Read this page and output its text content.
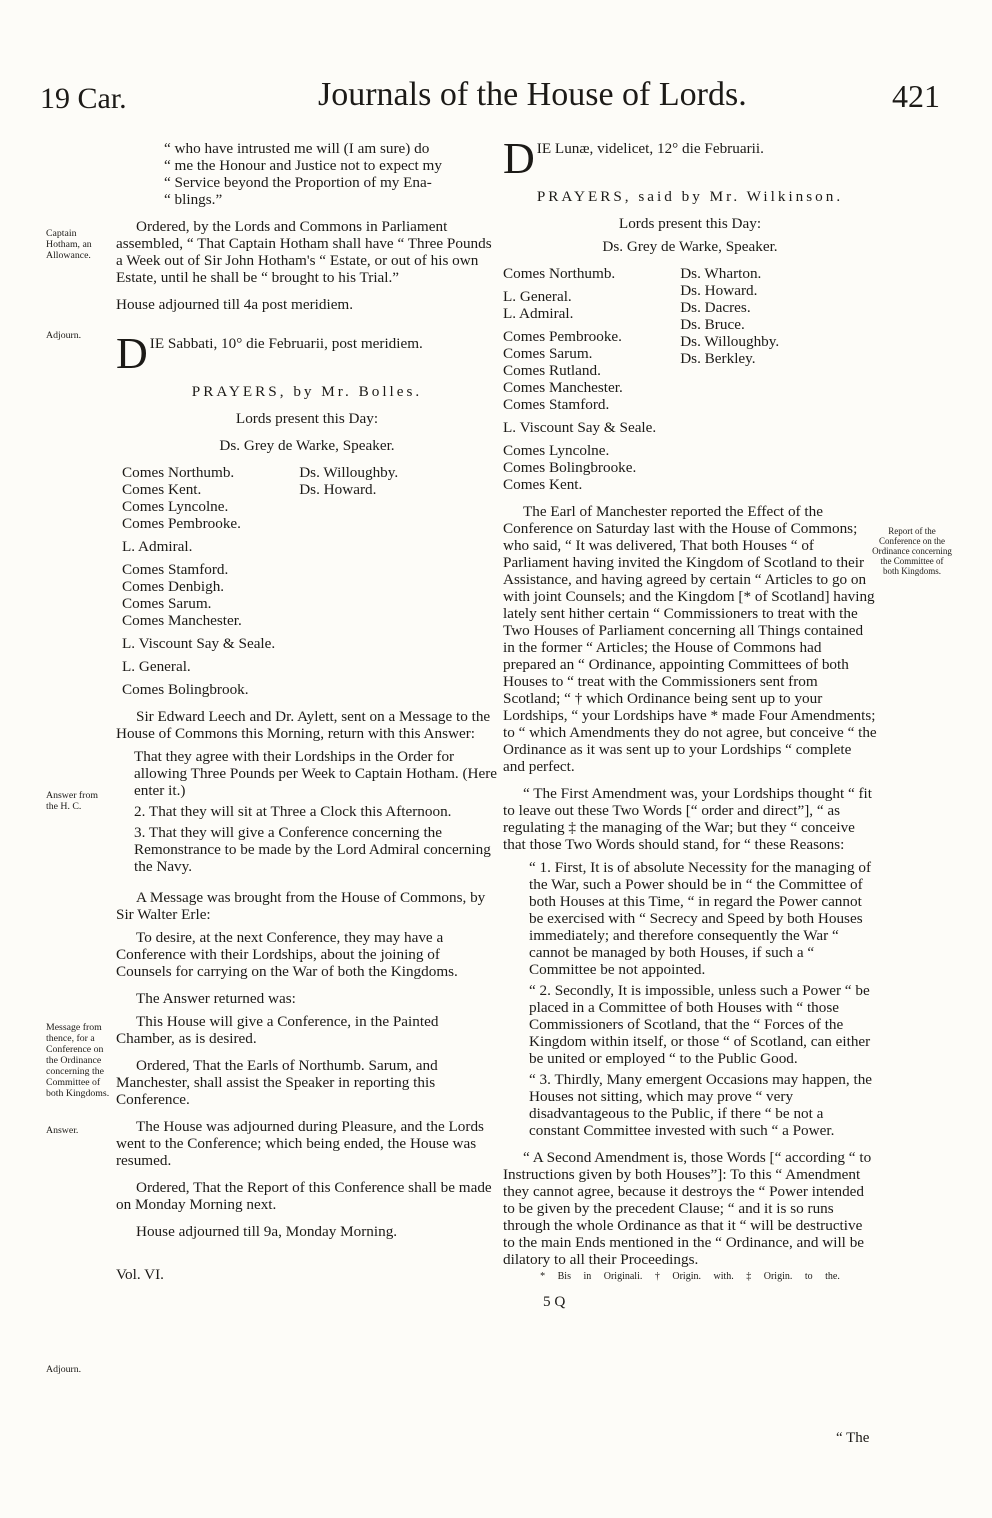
19 Car.	Journals of the House of Lords.	421
Captain Hotham, an Allowance.
Adjourn.
Answer from the H. C.
Message from thence, for a Conference on the Ordinance concerning the Committee of both Kingdoms.
Answer.
Adjourn.
Report of the Conference on the Ordinance concerning the Committee of both Kingdoms.

“ who have intrusted me will (I am sure) do

“ me the Honour and Justice not to expect my

“ Service beyond the Proportion of my Ena-

“ blings.”

Ordered, by the Lords and Commons in Parliament assembled, “ That Captain Hotham shall have “ Three Pounds a Week out of Sir John Hotham's “ Estate, or out of his own Estate, until he shall be “ brought to his Trial.”

House adjourned till 4a post meridiem.

DIE Sabbati, 10° die Februarii, post meridiem.

PRAYERS, by Mr. Bolles.

Lords present this Day:

Ds. Grey de Warke, Speaker.

Comes Northumb.
Comes Kent.
Comes Lyncolne.
Comes Pembrooke.
L. Admiral.
Comes Stamford.
Comes Denbigh.
Comes Sarum.
Comes Manchester.
L. Viscount Say & Seale.
L. General.
Comes Bolingbrook.
Ds. Willoughby.
Ds. Howard.

Sir Edward Leech and Dr. Aylett, sent on a Message to the House of Commons this Morning, return with this Answer:

That they agree with their Lordships in the Order for allowing Three Pounds per Week to Captain Hotham. (Here enter it.)

2. That they will sit at Three a Clock this Afternoon.

3. That they will give a Conference concerning the Remonstrance to be made by the Lord Admiral concerning the Navy.

A Message was brought from the House of Commons, by Sir Walter Erle:

To desire, at the next Conference, they may have a Conference with their Lordships, about the joining of Counsels for carrying on the War of both the Kingdoms.

The Answer returned was:

This House will give a Conference, in the Painted Chamber, as is desired.

Ordered, That the Earls of Northumb. Sarum, and Manchester, shall assist the Speaker in reporting this Conference.

The House was adjourned during Pleasure, and the Lords went to the Conference; which being ended, the House was resumed.

Ordered, That the Report of this Conference shall be made on Monday Morning next.

House adjourned till 9a, Monday Morning.

Vol. VI.

DIE Lunæ, videlicet, 12° die Februarii.

PRAYERS, said by Mr. Wilkinson.

Lords present this Day:

Ds. Grey de Warke, Speaker.

Comes Northumb.
L. General.
L. Admiral.
Comes Pembrooke.
Comes Sarum.
Comes Rutland.
Comes Manchester.
Comes Stamford.
L. Viscount Say & Seale.
Comes Lyncolne.
Comes Bolingbrooke.
Comes Kent.
Ds. Wharton.
Ds. Howard.
Ds. Dacres.
Ds. Bruce.
Ds. Willoughby.
Ds. Berkley.

The Earl of Manchester reported the Effect of the Conference on Saturday last with the House of Commons; who said, “ It was delivered, That both Houses “ of Parliament having invited the Kingdom of Scotland to their Assistance, and having agreed by certain “ Articles to go on with joint Counsels; and the Kingdom [* of Scotland] having lately sent hither certain “ Commissioners to treat with the Two Houses of Parliament concerning all Things contained in the former “ Articles; the House of Commons had prepared an “ Ordinance, appointing Committees of both Houses to “ treat with the Commissioners sent from Scotland; “ † which Ordinance being sent up to your Lordships, “ your Lordships have * made Four Amendments; to “ which Amendments they do not agree, but conceive “ the Ordinance as it was sent up to your Lordships “ complete and perfect.

“ The First Amendment was, your Lordships thought “ fit to leave out these Two Words [“ order and direct”], “ as regulating ‡ the managing of the War; but they “ conceive that those Two Words should stand, for “ these Reasons:

“ 1. First, It is of absolute Necessity for the managing of the War, such a Power should be in “ the Committee of both Houses at this Time, “ in regard the Power cannot be exercised with “ Secrecy and Speed by both Houses immediately; and therefore consequently the War “ cannot be managed by both Houses, if such a “ Committee be not appointed.

“ 2. Secondly, It is impossible, unless such a Power “ be placed in a Committee of both Houses with “ those Commissioners of Scotland, that the “ Forces of the Kingdom within itself, or those “ of Scotland, can either be united or employed “ to the Public Good.

“ 3. Thirdly, Many emergent Occasions may happen, the Houses not sitting, which may prove “ very disadvantageous to the Public, if there “ be not a constant Committee invested with such “ a Power.

“ A Second Amendment is, those Words [“ according “ to Instructions given by both Houses”]: To this “ Amendment they cannot agree, because it destroys the “ Power intended to be given by the precedent Clause; “ and it is so runs through the whole Ordinance as that it “ will be destructive to the main Ends mentioned in the “ Ordinance, and will be dilatory to all their Proceedings.

* Bis in Originali. † Origin. with. ‡ Origin. to the.

5 Q

“ The
